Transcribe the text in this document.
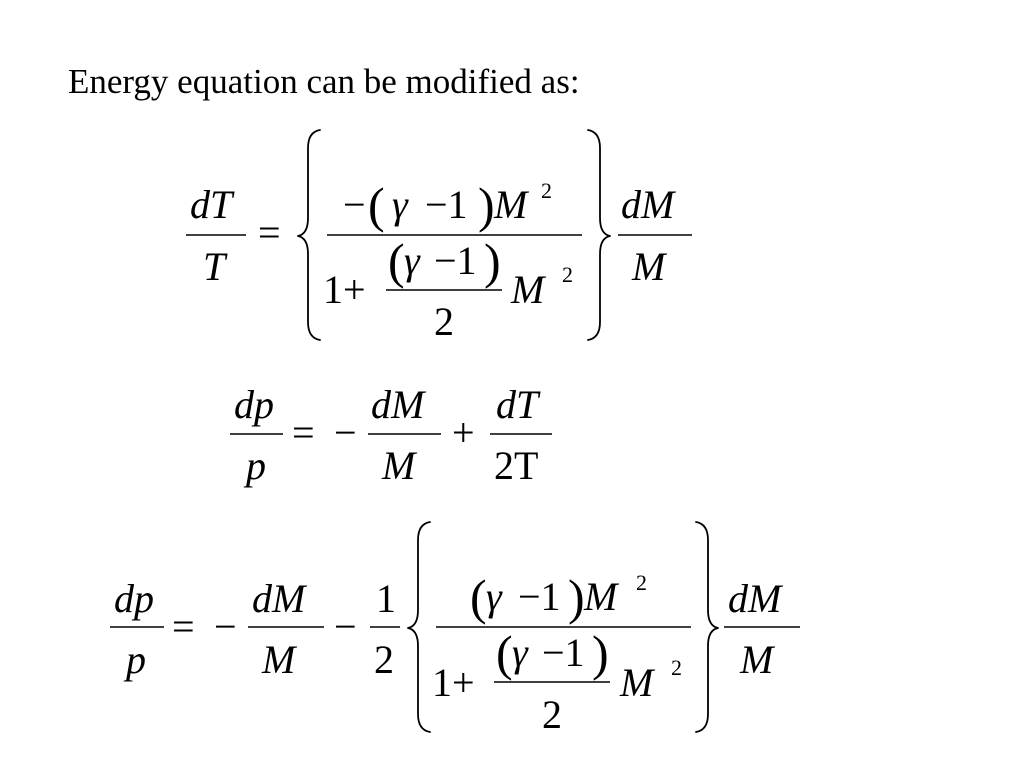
Energy equation can be modified as:
dT
T
=
− ( γ −1 ) M 2
1+
( γ −1 )
2
M 2
dM
M
dp
p
= −
dM
M
+
dT
2T
dp
p
= −
dM
M
−
1
2
( γ −1 ) M 2
1+
( γ −1 )
2
M 2
dM
M
